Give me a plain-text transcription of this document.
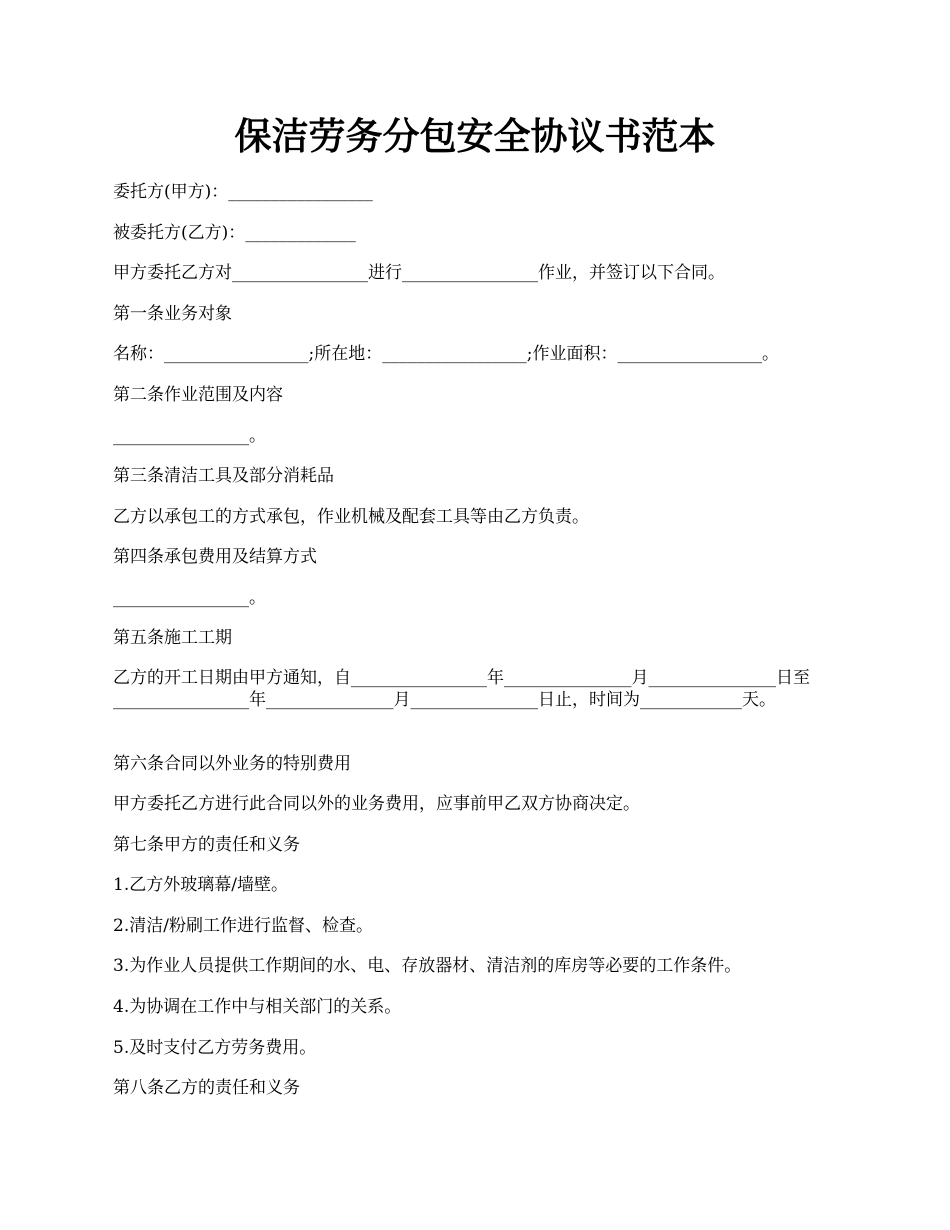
保洁劳务分包安全协议书范本

委托方(甲方)：_________________

被委托方(乙方)：_____________

甲方委托乙方对________________进行________________作业，并签订以下合同。

第一条业务对象

名称：_________________;所在地：_________________;作业面积：_________________。

第二条作业范围及内容

________________。

第三条清洁工具及部分消耗品

乙方以承包工的方式承包，作业机械及配套工具等由乙方负责。

第四条承包费用及结算方式

________________。

第五条施工工期

乙方的开工日期由甲方通知，自________________年_______________月_______________日至________________年_______________月_______________日止，时间为____________天。

第六条合同以外业务的特别费用

甲方委托乙方进行此合同以外的业务费用，应事前甲乙双方协商决定。

第七条甲方的责任和义务

1.乙方外玻璃幕/墙壁。

2.清洁/粉刷工作进行监督、检查。

3.为作业人员提供工作期间的水、电、存放器材、清洁剂的库房等必要的工作条件。

4.为协调在工作中与相关部门的关系。

5.及时支付乙方劳务费用。

第八条乙方的责任和义务
